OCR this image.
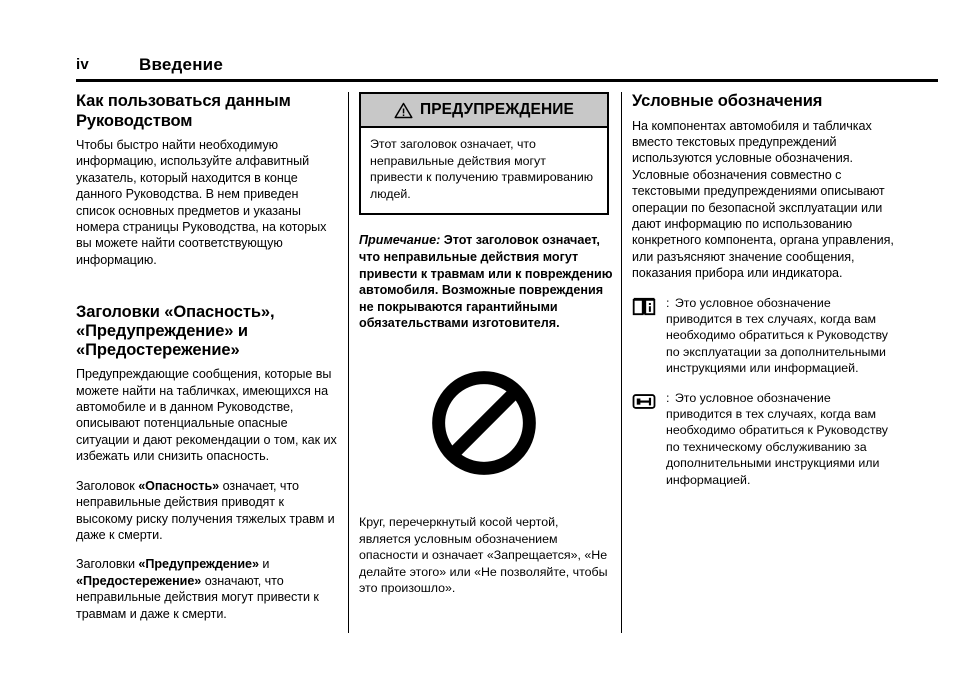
iv	Введение
Как пользоваться данным Руководством

Чтобы быстро найти необходимую информацию, используйте алфавитный указатель, который находится в конце данного Руководства. В нем приведен список основных предметов и указаны номера страницы Руководства, на которых вы можете найти соответствующую информацию.

Заголовки «Опасность», «Предупреждение» и «Предостережение»

Предупреждающие сообщения, которые вы можете найти на табличках, имеющихся на автомобиле и в данном Руководстве, описывают потенциальные опасные ситуации и дают рекомендации о том, как их избежать или снизить опасность.

Заголовок «Опасность» означает, что неправильные действия приводят к высокому риску получения тяжелых травм и даже к смерти.

Заголовки «Предупреждение» и «Предостережение» означают, что неправильные действия могут привести к травмам и даже к смерти.

ПРЕДУПРЕЖДЕНИЕ

Этот заголовок означает, что неправильные действия могут привести к получению травмированию людей.

Примечание: Этот заголовок означает, что неправильные действия могут привести к травмам или к повреждению автомобиля. Возможные повреждения не покрываются гарантийными обязательствами изготовителя.

Круг, перечеркнутый косой чертой, является условным обозначением опасности и означает «Запрещается», «Не делайте этого» или «Не позволяйте, чтобы это произошло».

Условные обозначения

На компонентах автомобиля и табличках вместо текстовых предупреждений используются условные обозначения. Условные обозначения совместно с текстовыми предупреждениями описывают операции по безопасной эксплуатации или дают информацию по использованию конкретного компонента, органа управления, или разъясняют значение сообщения, показания прибора или индикатора.

: Это условное обозначение приводится в тех случаях, когда вам необходимо обратиться к Руководству по эксплуатации за дополнительными инструкциями или информацией.

: Это условное обозначение приводится в тех случаях, когда вам необходимо обратиться к Руководству по техническому обслуживанию за дополнительными инструкциями или информацией.
